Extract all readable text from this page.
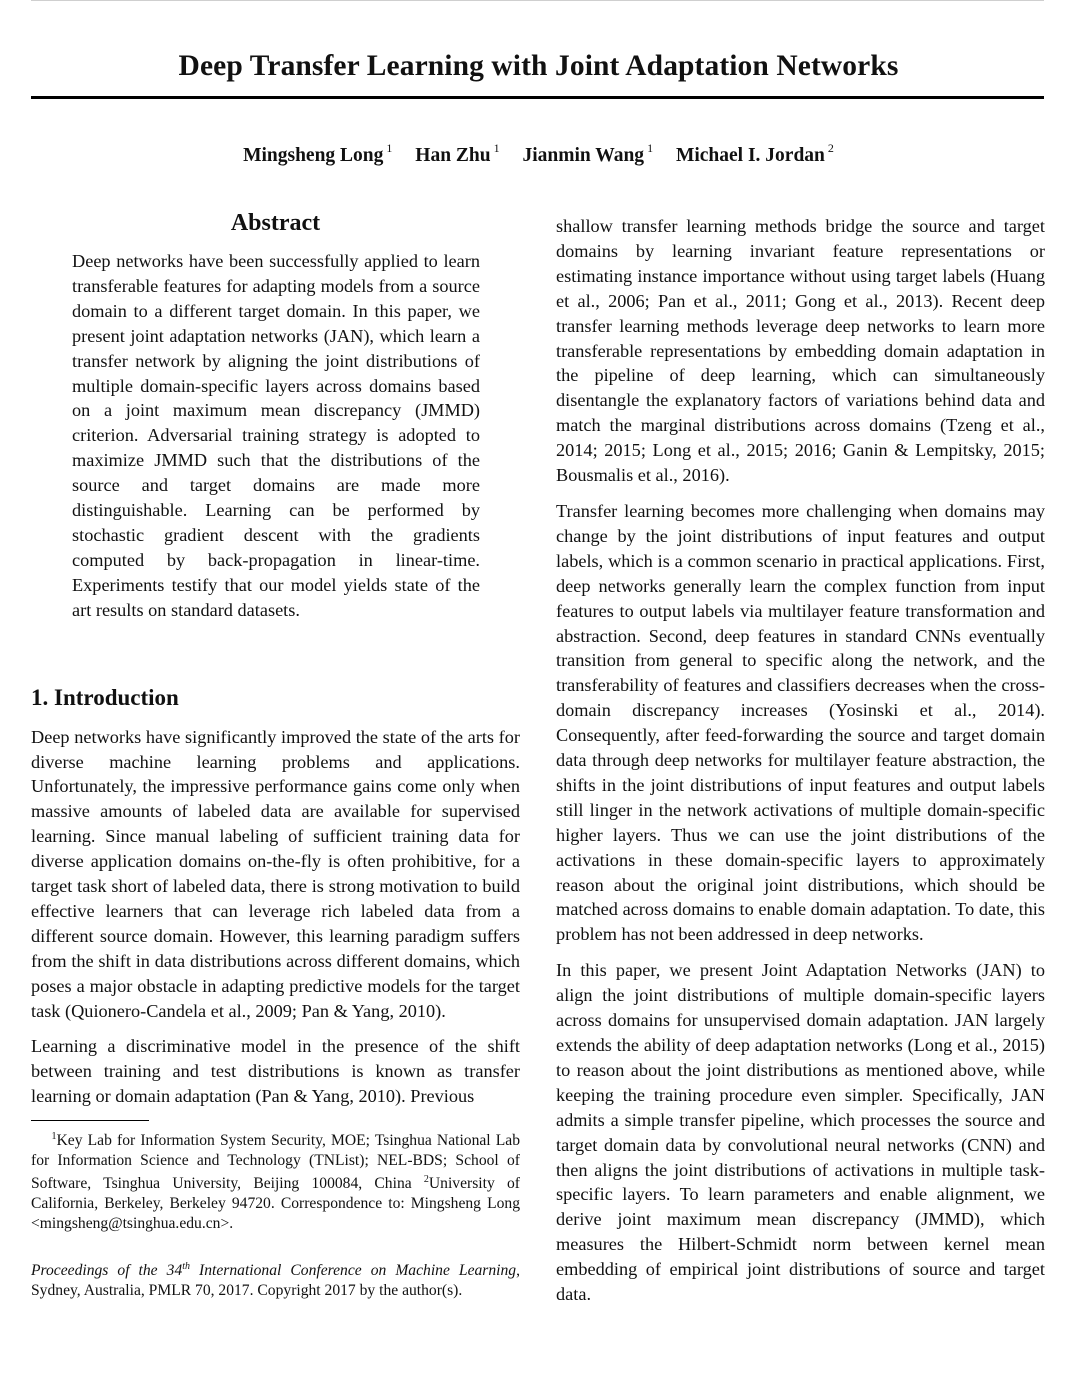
Deep Transfer Learning with Joint Adaptation Networks
Mingsheng Long $^1$ Han Zhu $^1$ Jianmin Wang $^1$ Michael I. Jordan $^2$
Abstract
Deep networks have been successfully applied to learn transferable features for adapting models from a source domain to a different target domain. In this paper, we present joint adaptation networks (JAN), which learn a transfer network by aligning the joint distributions of multiple domain-specific layers across domains based on a joint maximum mean discrepancy (JMMD) criterion. Adversarial training strategy is adopted to maximize JMMD such that the distributions of the source and target domains are made more distinguishable. Learning can be performed by stochastic gradient descent with the gradients computed by back-propagation in linear-time. Experiments testify that our model yields state of the art results on standard datasets.
1. Introduction

Deep networks have significantly improved the state of the arts for diverse machine learning problems and applications. Unfortunately, the impressive performance gains come only when massive amounts of labeled data are available for supervised learning. Since manual labeling of sufficient training data for diverse application domains on-the-fly is often prohibitive, for a target task short of labeled data, there is strong motivation to build effective learners that can leverage rich labeled data from a different source domain. However, this learning paradigm suffers from the shift in data distributions across different domains, which poses a major obstacle in adapting predictive models for the target task (Quionero-Candela et al., 2009; Pan & Yang, 2010).

Learning a discriminative model in the presence of the shift between training and test distributions is known as transfer learning or domain adaptation (Pan & Yang, 2010). Previous

$^1$Key Lab for Information System Security, MOE; Tsinghua National Lab for Information Science and Technology (TNList); NEL-BDS; School of Software, Tsinghua University, Beijing 100084, China $^2$University of California, Berkeley, Berkeley 94720. Correspondence to: Mingsheng Long <mingsheng@tsinghua.edu.cn>.

Proceedings of the 34th International Conference on Machine Learning, Sydney, Australia, PMLR 70, 2017. Copyright 2017 by the author(s).

shallow transfer learning methods bridge the source and target domains by learning invariant feature representations or estimating instance importance without using target labels (Huang et al., 2006; Pan et al., 2011; Gong et al., 2013). Recent deep transfer learning methods leverage deep networks to learn more transferable representations by embedding domain adaptation in the pipeline of deep learning, which can simultaneously disentangle the explanatory factors of variations behind data and match the marginal distributions across domains (Tzeng et al., 2014; 2015; Long et al., 2015; 2016; Ganin & Lempitsky, 2015; Bousmalis et al., 2016).

Transfer learning becomes more challenging when domains may change by the joint distributions of input features and output labels, which is a common scenario in practical applications. First, deep networks generally learn the complex function from input features to output labels via multilayer feature transformation and abstraction. Second, deep features in standard CNNs eventually transition from general to specific along the network, and the transferability of features and classifiers decreases when the cross-domain discrepancy increases (Yosinski et al., 2014). Consequently, after feed-forwarding the source and target domain data through deep networks for multilayer feature abstraction, the shifts in the joint distributions of input features and output labels still linger in the network activations of multiple domain-specific higher layers. Thus we can use the joint distributions of the activations in these domain-specific layers to approximately reason about the original joint distributions, which should be matched across domains to enable domain adaptation. To date, this problem has not been addressed in deep networks.

In this paper, we present Joint Adaptation Networks (JAN) to align the joint distributions of multiple domain-specific layers across domains for unsupervised domain adaptation. JAN largely extends the ability of deep adaptation networks (Long et al., 2015) to reason about the joint distributions as mentioned above, while keeping the training procedure even simpler. Specifically, JAN admits a simple transfer pipeline, which processes the source and target domain data by convolutional neural networks (CNN) and then aligns the joint distributions of activations in multiple task-specific layers. To learn parameters and enable alignment, we derive joint maximum mean discrepancy (JMMD), which measures the Hilbert-Schmidt norm between kernel mean embedding of empirical joint distributions of source and target data.
